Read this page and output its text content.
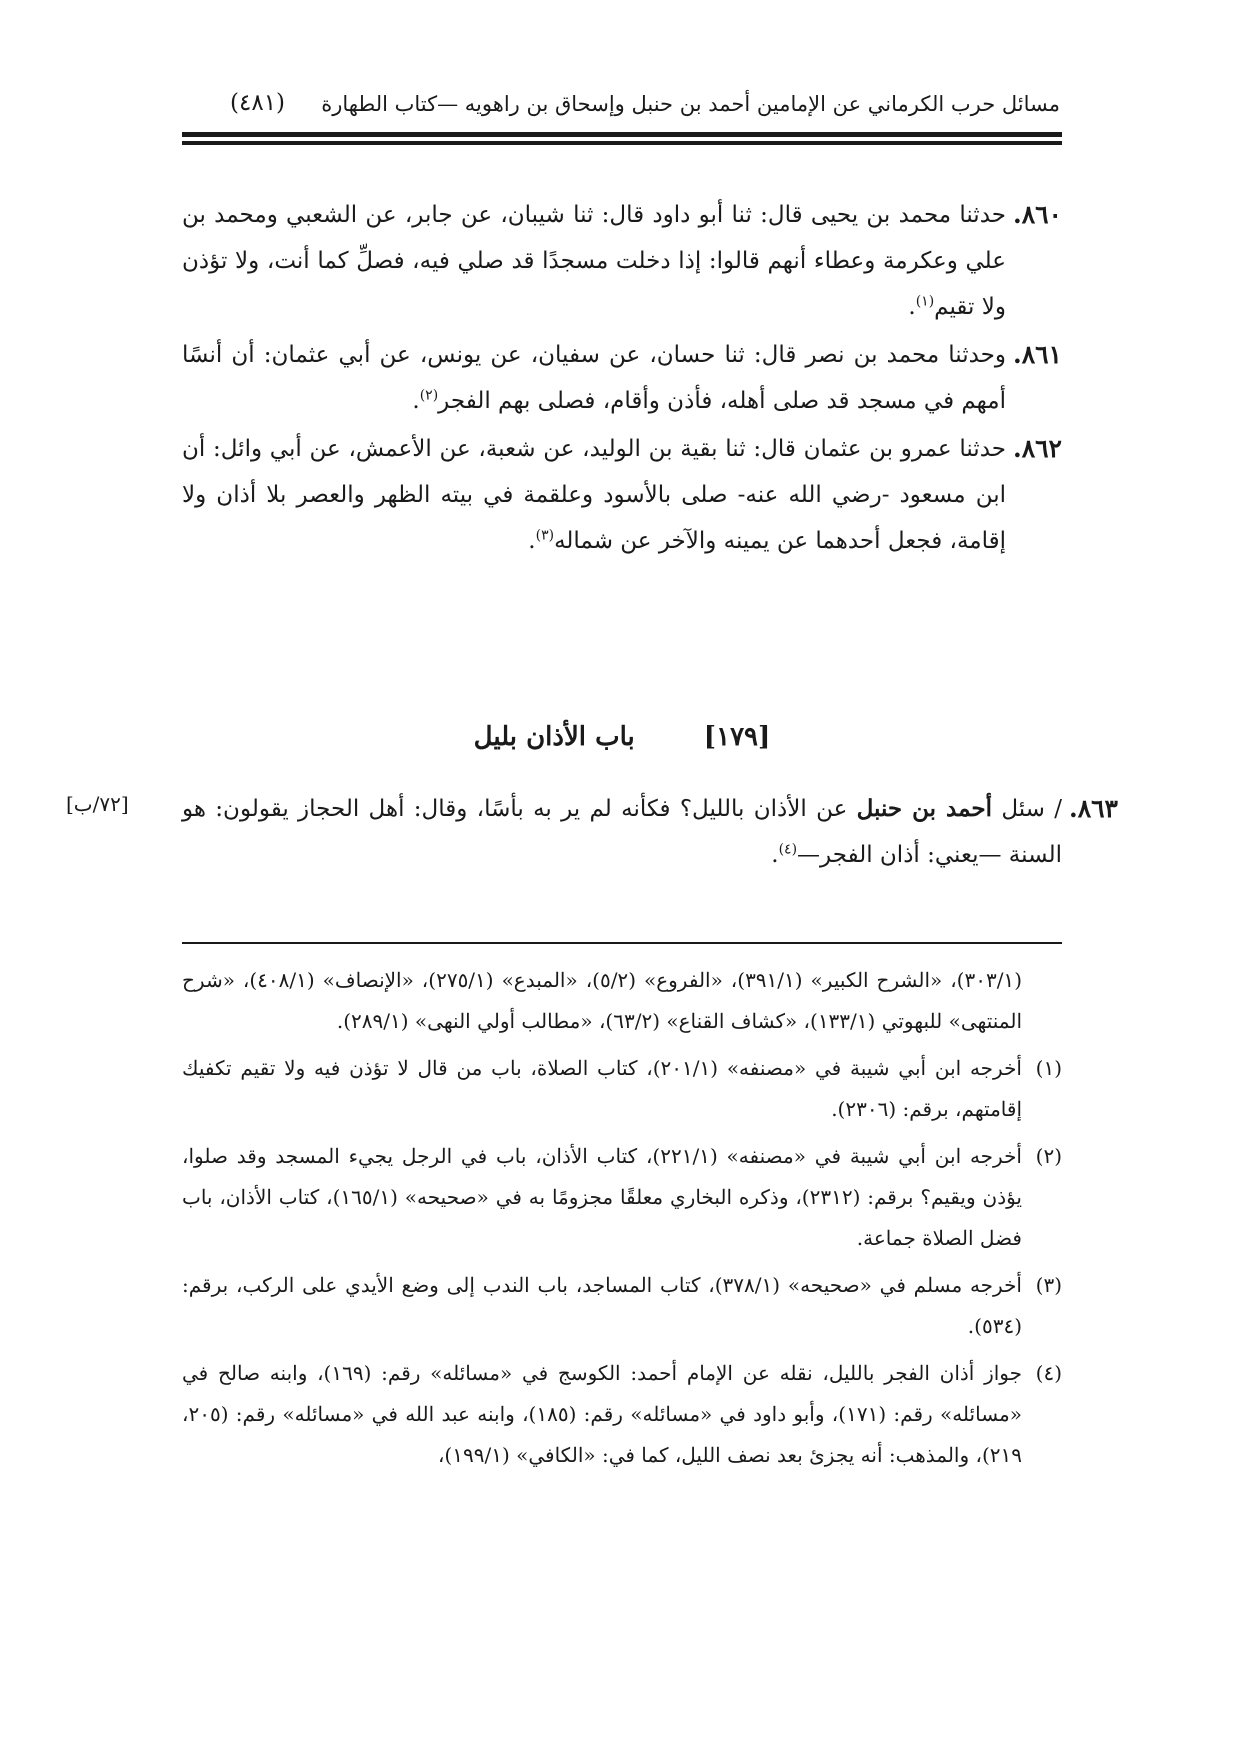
مسائل حرب الكرماني عن الإمامين أحمد بن حنبل وإسحاق بن راهويه —كتاب الطهارة
(٤٨١)

٨٦٠.
حدثنا محمد بن يحيى قال: ثنا أبو داود قال: ثنا شيبان، عن جابر، عن الشعبي ومحمد بن علي وعكرمة وعطاء أنهم قالوا: إذا دخلت مسجدًا قد صلي فيه، فصلِّ كما أنت، ولا تؤذن ولا تقيم$^{(١)}$.

٨٦١.
وحدثنا محمد بن نصر قال: ثنا حسان، عن سفيان، عن يونس، عن أبي عثمان: أن أنسًا أمهم في مسجد قد صلى أهله، فأذن وأقام، فصلى بهم الفجر$^{(٢)}$.

٨٦٢.
حدثنا عمرو بن عثمان قال: ثنا بقية بن الوليد، عن شعبة، عن الأعمش، عن أبي وائل: أن ابن مسعود -رضي الله عنه- صلى بالأسود وعلقمة في بيته الظهر والعصر بلا أذان ولا إقامة، فجعل أحدهما عن يمينه والآخر عن شماله$^{(٣)}$.

[١٧٩] باب الأذان بليل
[٧٢/ب]	٨٦٣.
/ سئل أحمد بن حنبل عن الأذان بالليل؟ فكأنه لم ير به بأسًا، وقال: أهل الحجاز يقولون: هو السنة —يعني: أذان الفجر—$^{(٤)}$.

(٣٠٣/١)، «الشرح الكبير» (٣٩١/١)، «الفروع» (٥/٢)، «المبدع» (٢٧٥/١)، «الإنصاف» (٤٠٨/١)، «شرح المنتهى» للبهوتي (١٣٣/١)، «كشاف القناع» (٦٣/٢)، «مطالب أولي النهى» (٢٨٩/١).
(١)
أخرجه ابن أبي شيبة في «مصنفه» (٢٠١/١)، كتاب الصلاة، باب من قال لا تؤذن فيه ولا تقيم تكفيك إقامتهم، برقم: (٢٣٠٦).
(٢)
أخرجه ابن أبي شيبة في «مصنفه» (٢٢١/١)، كتاب الأذان، باب في الرجل يجيء المسجد وقد صلوا، يؤذن ويقيم؟ برقم: (٢٣١٢)، وذكره البخاري معلقًا مجزومًا به في «صحيحه» (١٦٥/١)، كتاب الأذان، باب فضل الصلاة جماعة.
(٣)
أخرجه مسلم في «صحيحه» (٣٧٨/١)، كتاب المساجد، باب الندب إلى وضع الأيدي على الركب، برقم: (٥٣٤).
(٤)
جواز أذان الفجر بالليل، نقله عن الإمام أحمد: الكوسج في «مسائله» رقم: (١٦٩)، وابنه صالح في «مسائله» رقم: (١٧١)، وأبو داود في «مسائله» رقم: (١٨٥)، وابنه عبد الله في «مسائله» رقم: (٢٠٥، ٢١٩)، والمذهب: أنه يجزئ بعد نصف الليل، كما في: «الكافي» (١٩٩/١)،
